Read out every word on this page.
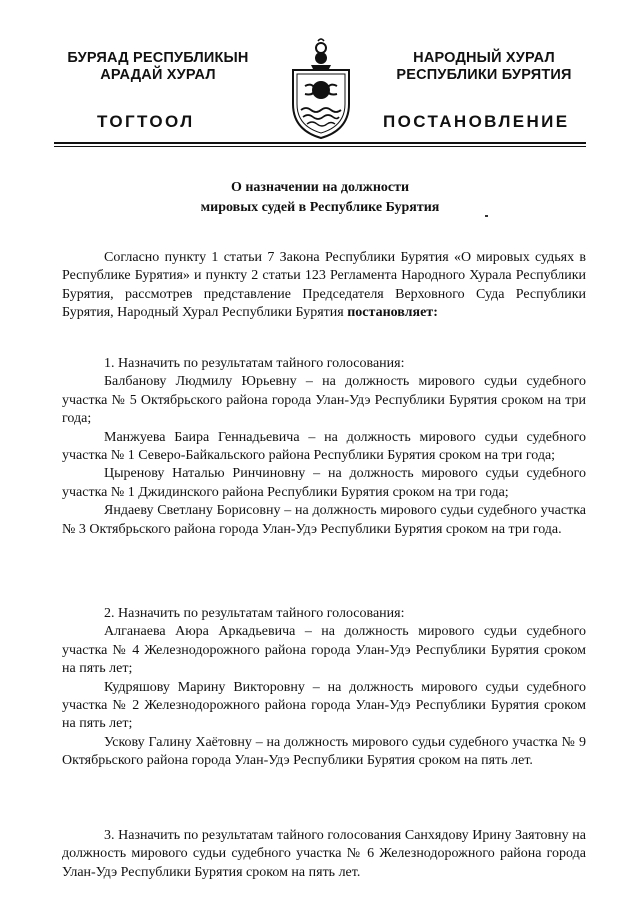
БУРЯАД РЕСПУБЛИКЫН
АРАДАЙ ХУРАЛ
ТОГТООЛ
НАРОДНЫЙ ХУРАЛ
РЕСПУБЛИКИ БУРЯТИЯ
ПОСТАНОВЛЕНИЕ
О назначении на должности
мировых судей в Республике Бурятия

Согласно пункту 1 статьи 7 Закона Республики Бурятия «О мировых судьях в Республике Бурятия» и пункту 2 статьи 123 Регламента Народного Хурала Республики Бурятия, рассмотрев представление Председателя Верховного Суда Республики Бурятия, Народный Хурал Республики Бурятия постановляет:

1. Назначить по результатам тайного голосования:

Балбанову Людмилу Юрьевну – на должность мирового судьи судебного участка № 5 Октябрьского района города Улан-Удэ Республики Бурятия сроком на три года;

Манжуева Баира Геннадьевича – на должность мирового судьи судебного участка № 1 Северо-Байкальского района Республики Бурятия сроком на три года;

Цыренову Наталью Ринчиновну – на должность мирового судьи судебного участка № 1 Джидинского района Республики Бурятия сроком на три года;

Яндаеву Светлану Борисовну – на должность мирового судьи судебного участка № 3 Октябрьского района города Улан-Удэ Республики Бурятия сроком на три года.

2. Назначить по результатам тайного голосования:

Алганаева Аюра Аркадьевича – на должность мирового судьи судебного участка № 4 Железнодорожного района города Улан-Удэ Республики Бурятия сроком на пять лет;

Кудряшову Марину Викторовну – на должность мирового судьи судебного участка № 2 Железнодорожного района города Улан-Удэ Республики Бурятия сроком на пять лет;

Ускову Галину Хаётовну – на должность мирового судьи судебного участка № 9 Октябрьского района города Улан-Удэ Республики Бурятия сроком на пять лет.

3. Назначить по результатам тайного голосования Санхядову Ирину Заятовну на должность мирового судьи судебного участка № 6 Железнодорожного района города Улан-Удэ Республики Бурятия сроком на пять лет.
